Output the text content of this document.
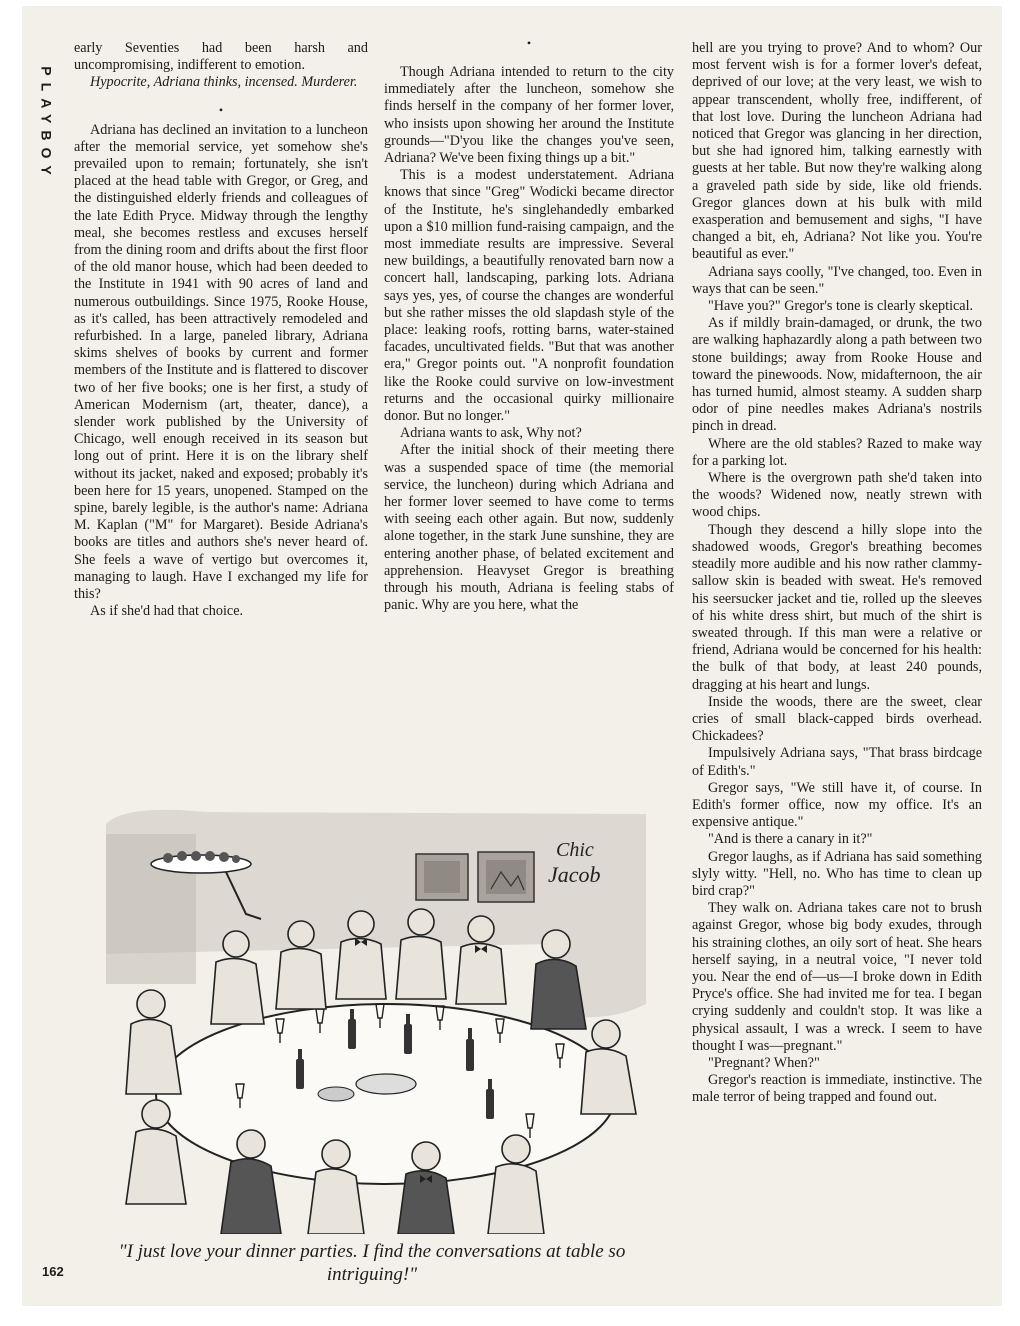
PLAYBOY

early Seventies had been harsh and uncompromising, indifferent to emotion.

Hypocrite, Adriana thinks, incensed. Murderer.

•

Adriana has declined an invitation to a luncheon after the memorial service, yet somehow she's prevailed upon to remain; fortunately, she isn't placed at the head table with Gregor, or Greg, and the distinguished elderly friends and colleagues of the late Edith Pryce. Midway through the lengthy meal, she becomes restless and excuses herself from the dining room and drifts about the first floor of the old manor house, which had been deeded to the Institute in 1941 with 90 acres of land and numerous outbuildings. Since 1975, Rooke House, as it's called, has been attractively remodeled and refurbished. In a large, paneled library, Adriana skims shelves of books by current and former members of the Institute and is flattered to discover two of her five books; one is her first, a study of American Modernism (art, theater, dance), a slender work published by the University of Chicago, well enough received in its season but long out of print. Here it is on the library shelf without its jacket, naked and exposed; probably it's been here for 15 years, unopened. Stamped on the spine, barely legible, is the author's name: Adriana M. Kaplan ("M" for Margaret). Beside Adriana's books are titles and authors she's never heard of. She feels a wave of vertigo but overcomes it, managing to laugh. Have I exchanged my life for this?

As if she'd had that choice.

•

Though Adriana intended to return to the city immediately after the luncheon, somehow she finds herself in the company of her former lover, who insists upon showing her around the Institute grounds—"D'you like the changes you've seen, Adriana? We've been fixing things up a bit."

This is a modest understatement. Adriana knows that since "Greg" Wodicki became director of the Institute, he's singlehandedly embarked upon a $10 million fund-raising campaign, and the most immediate results are impressive. Several new buildings, a beautifully renovated barn now a concert hall, landscaping, parking lots. Adriana says yes, yes, of course the changes are wonderful but she rather misses the old slapdash style of the place: leaking roofs, rotting barns, water-stained facades, uncultivated fields. "But that was another era," Gregor points out. "A nonprofit foundation like the Rooke could survive on low-investment returns and the occasional quirky millionaire donor. But no longer."

Adriana wants to ask, Why not?

After the initial shock of their meeting there was a suspended space of time (the memorial service, the luncheon) during which Adriana and her former lover seemed to have come to terms with seeing each other again. But now, suddenly alone together, in the stark June sunshine, they are entering another phase, of belated excitement and apprehension. Heavyset Gregor is breathing through his mouth, Adriana is feeling stabs of panic. Why are you here, what the

hell are you trying to prove? And to whom? Our most fervent wish is for a former lover's defeat, deprived of our love; at the very least, we wish to appear transcendent, wholly free, indifferent, of that lost love. During the luncheon Adriana had noticed that Gregor was glancing in her direction, but she had ignored him, talking earnestly with guests at her table. But now they're walking along a graveled path side by side, like old friends. Gregor glances down at his bulk with mild exasperation and bemusement and sighs, "I have changed a bit, eh, Adriana? Not like you. You're beautiful as ever."

Adriana says coolly, "I've changed, too. Even in ways that can be seen."

"Have you?" Gregor's tone is clearly skeptical.

As if mildly brain-damaged, or drunk, the two are walking haphazardly along a path between two stone buildings; away from Rooke House and toward the pinewoods. Now, midafternoon, the air has turned humid, almost steamy. A sudden sharp odor of pine needles makes Adriana's nostrils pinch in dread.

Where are the old stables? Razed to make way for a parking lot.

Where is the overgrown path she'd taken into the woods? Widened now, neatly strewn with wood chips.

Though they descend a hilly slope into the shadowed woods, Gregor's breathing becomes steadily more audible and his now rather clammy-sallow skin is beaded with sweat. He's removed his seersucker jacket and tie, rolled up the sleeves of his white dress shirt, but much of the shirt is sweated through. If this man were a relative or friend, Adriana would be concerned for his health: the bulk of that body, at least 240 pounds, dragging at his heart and lungs.

Inside the woods, there are the sweet, clear cries of small black-capped birds overhead. Chickadees?

Impulsively Adriana says, "That brass birdcage of Edith's."

Gregor says, "We still have it, of course. In Edith's former office, now my office. It's an expensive antique."

"And is there a canary in it?"

Gregor laughs, as if Adriana has said something slyly witty. "Hell, no. Who has time to clean up bird crap?"

They walk on. Adriana takes care not to brush against Gregor, whose big body exudes, through his straining clothes, an oily sort of heat. She hears herself saying, in a neutral voice, "I never told you. Near the end of—us—I broke down in Edith Pryce's office. She had invited me for tea. I began crying suddenly and couldn't stop. It was like a physical assault, I was a wreck. I seem to have thought I was—pregnant."

"Pregnant? When?"

Gregor's reaction is immediate, instinctive. The male terror of being trapped and found out.

Chic
Jacob
"I just love your dinner parties. I find the conversations at table so intriguing!"
162
